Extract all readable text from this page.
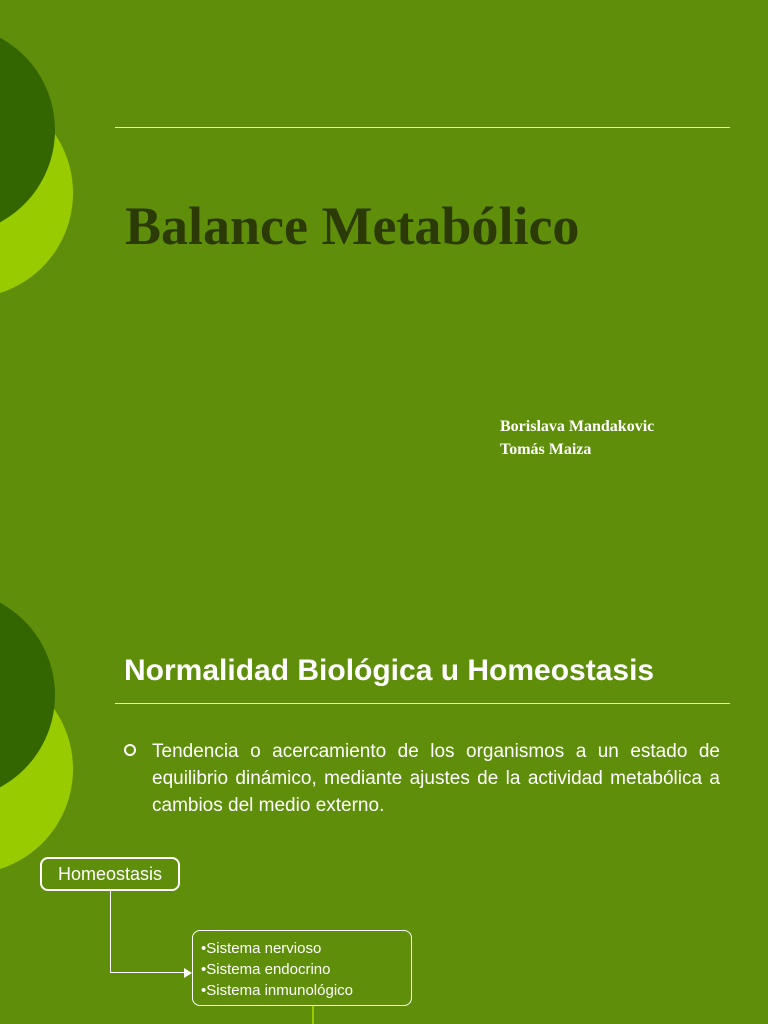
Balance Metabólico
Borislava Mandakovic
Tomás Maiza
Normalidad Biológica u Homeostasis

Tendencia o acercamiento de los organismos a un estado de equilibrio dinámico, mediante ajustes de la actividad metabólica a cambios del medio externo.

Homeostasis
•Sistema nervioso
•Sistema endocrino
•Sistema inmunológico
